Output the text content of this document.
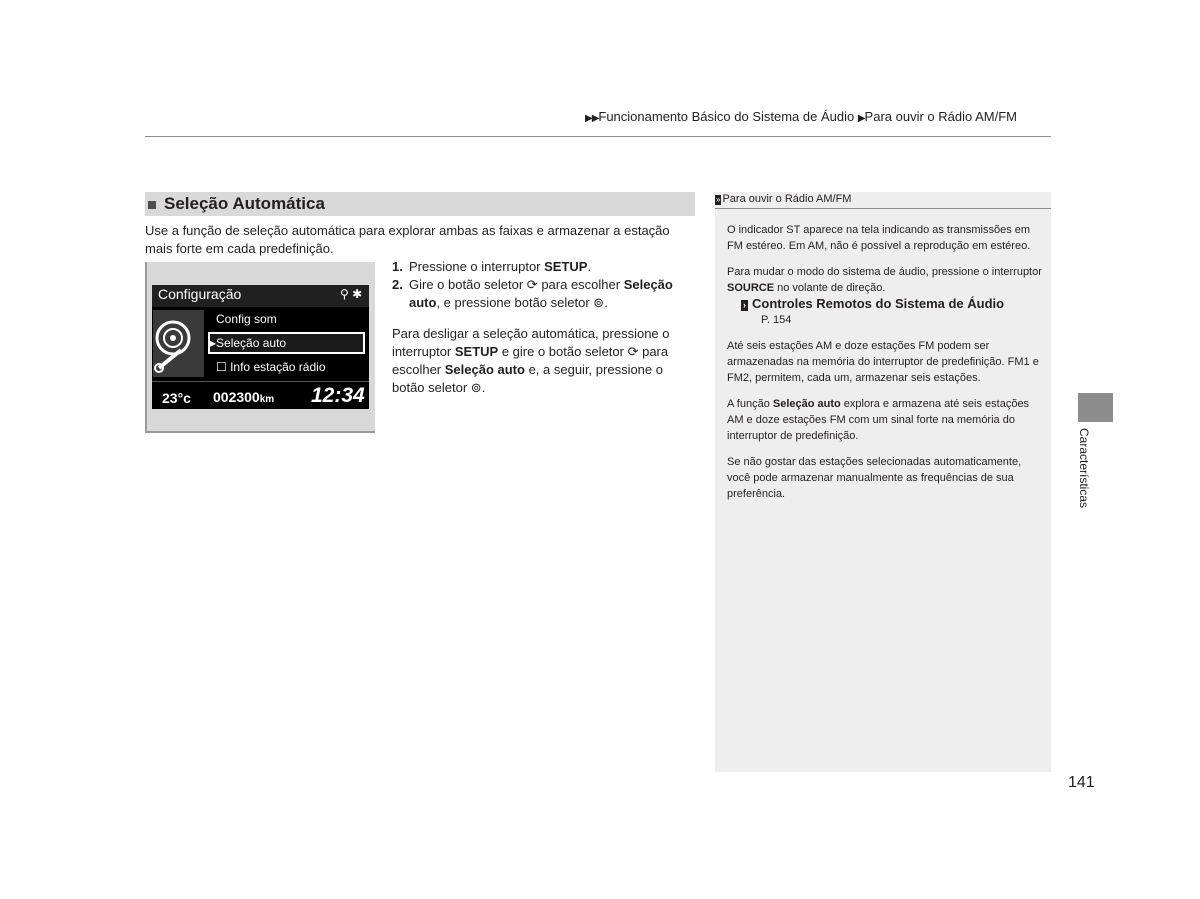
▶▶Funcionamento Básico do Sistema de Áudio ▶Para ouvir o Rádio AM/FM
Seleção Automática
Use a função de seleção automática para explorar ambas as faixas e armazenar a estação mais forte em cada predefinição.
Configuração	⚲ ✱
Config som
▸Seleção auto
☐ Info estação rádio
23°c 002300km 12:34
1. Pressione o interruptor SETUP.
2. Gire o botão seletor ⟳ para escolher Seleção auto, e pressione botão seletor ⊚.
Para desligar a seleção automática, pressione o interruptor SETUP e gire o botão seletor ⟳ para escolher Seleção auto e, a seguir, pressione o botão seletor ⊚.
» Para ouvir o Rádio AM/FM

O indicador ST aparece na tela indicando as transmissões em FM estéreo. Em AM, não é possível a reprodução em estéreo.

Para mudar o modo do sistema de áudio, pressione o interruptor SOURCE no volante de direção.
› Controles Remotos do Sistema de Áudio
P. 154

Até seis estações AM e doze estações FM podem ser armazenadas na memória do interruptor de predefinição. FM1 e FM2, permitem, cada um, armazenar seis estações.

A função Seleção auto explora e armazena até seis estações AM e doze estações FM com um sinal forte na memória do interruptor de predefinição.

Se não gostar das estações selecionadas automaticamente, você pode armazenar manualmente as frequências de sua preferência.	Características
141
